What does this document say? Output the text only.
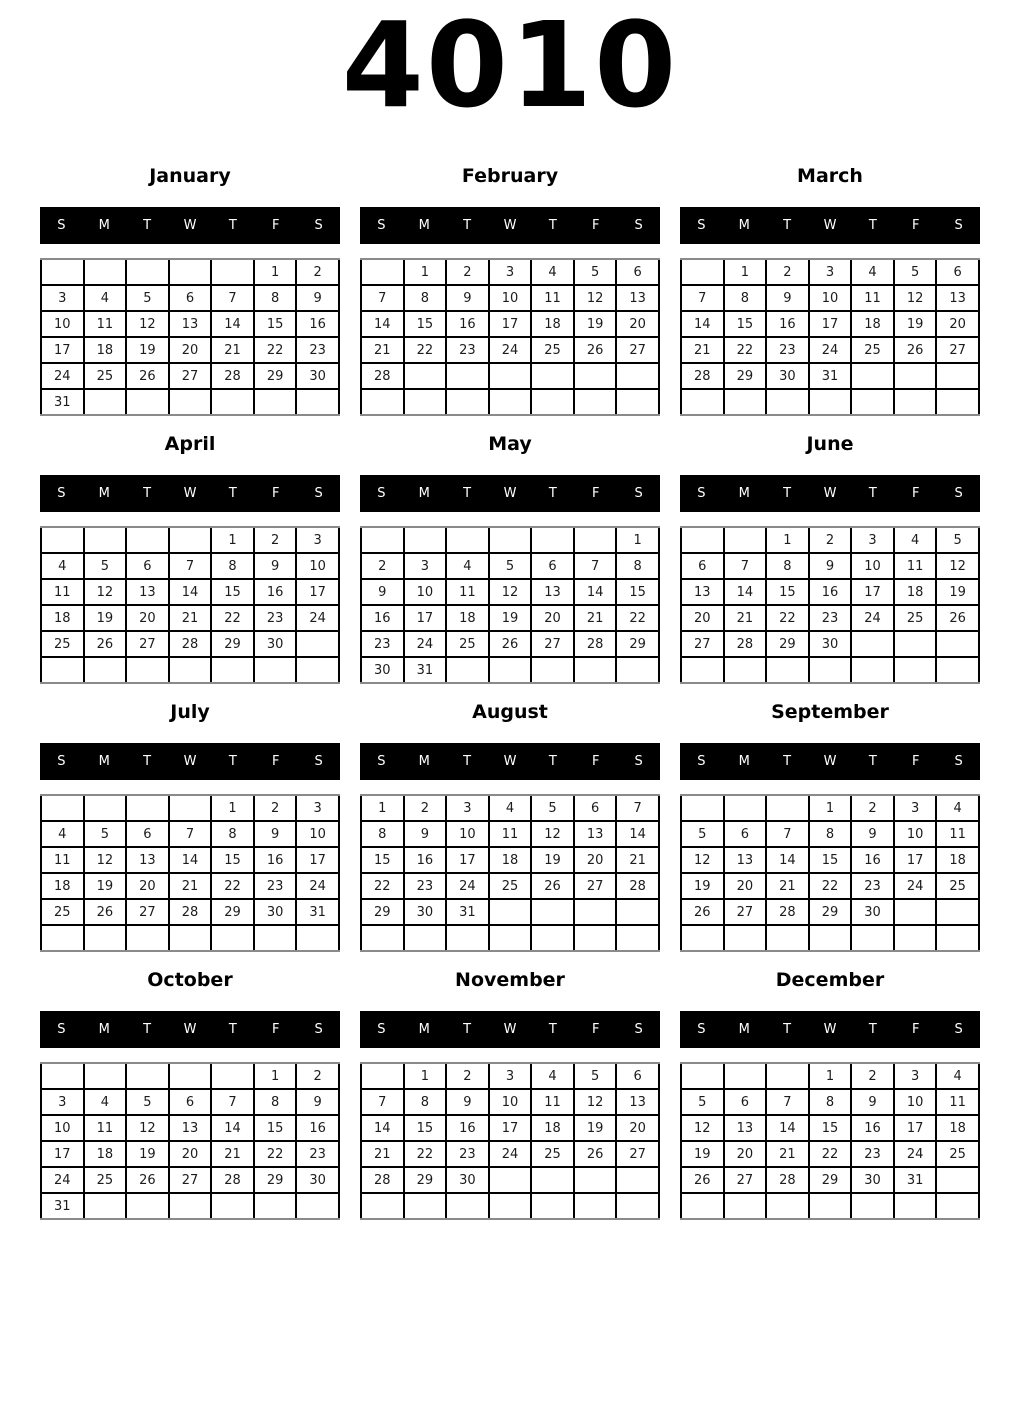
4010
January
S	M	T	W	T	F	S
					1	2
3	4	5	6	7	8	9
10	11	12	13	14	15	16
17	18	19	20	21	22	23
24	25	26	27	28	29	30
31						
February
S	M	T	W	T	F	S
	1	2	3	4	5	6
7	8	9	10	11	12	13
14	15	16	17	18	19	20
21	22	23	24	25	26	27
28						

March
S	M	T	W	T	F	S
	1	2	3	4	5	6
7	8	9	10	11	12	13
14	15	16	17	18	19	20
21	22	23	24	25	26	27
28	29	30	31			

April
S	M	T	W	T	F	S
				1	2	3
4	5	6	7	8	9	10
11	12	13	14	15	16	17
18	19	20	21	22	23	24
25	26	27	28	29	30	

May
S	M	T	W	T	F	S
						1
2	3	4	5	6	7	8
9	10	11	12	13	14	15
16	17	18	19	20	21	22
23	24	25	26	27	28	29
30	31					
June
S	M	T	W	T	F	S
		1	2	3	4	5
6	7	8	9	10	11	12
13	14	15	16	17	18	19
20	21	22	23	24	25	26
27	28	29	30			

July
S	M	T	W	T	F	S
				1	2	3
4	5	6	7	8	9	10
11	12	13	14	15	16	17
18	19	20	21	22	23	24
25	26	27	28	29	30	31

August
S	M	T	W	T	F	S
1	2	3	4	5	6	7
8	9	10	11	12	13	14
15	16	17	18	19	20	21
22	23	24	25	26	27	28
29	30	31				

September
S	M	T	W	T	F	S
			1	2	3	4
5	6	7	8	9	10	11
12	13	14	15	16	17	18
19	20	21	22	23	24	25
26	27	28	29	30		

October
S	M	T	W	T	F	S
					1	2
3	4	5	6	7	8	9
10	11	12	13	14	15	16
17	18	19	20	21	22	23
24	25	26	27	28	29	30
31						
November
S	M	T	W	T	F	S
	1	2	3	4	5	6
7	8	9	10	11	12	13
14	15	16	17	18	19	20
21	22	23	24	25	26	27
28	29	30				

December
S	M	T	W	T	F	S
			1	2	3	4
5	6	7	8	9	10	11
12	13	14	15	16	17	18
19	20	21	22	23	24	25
26	27	28	29	30	31	
